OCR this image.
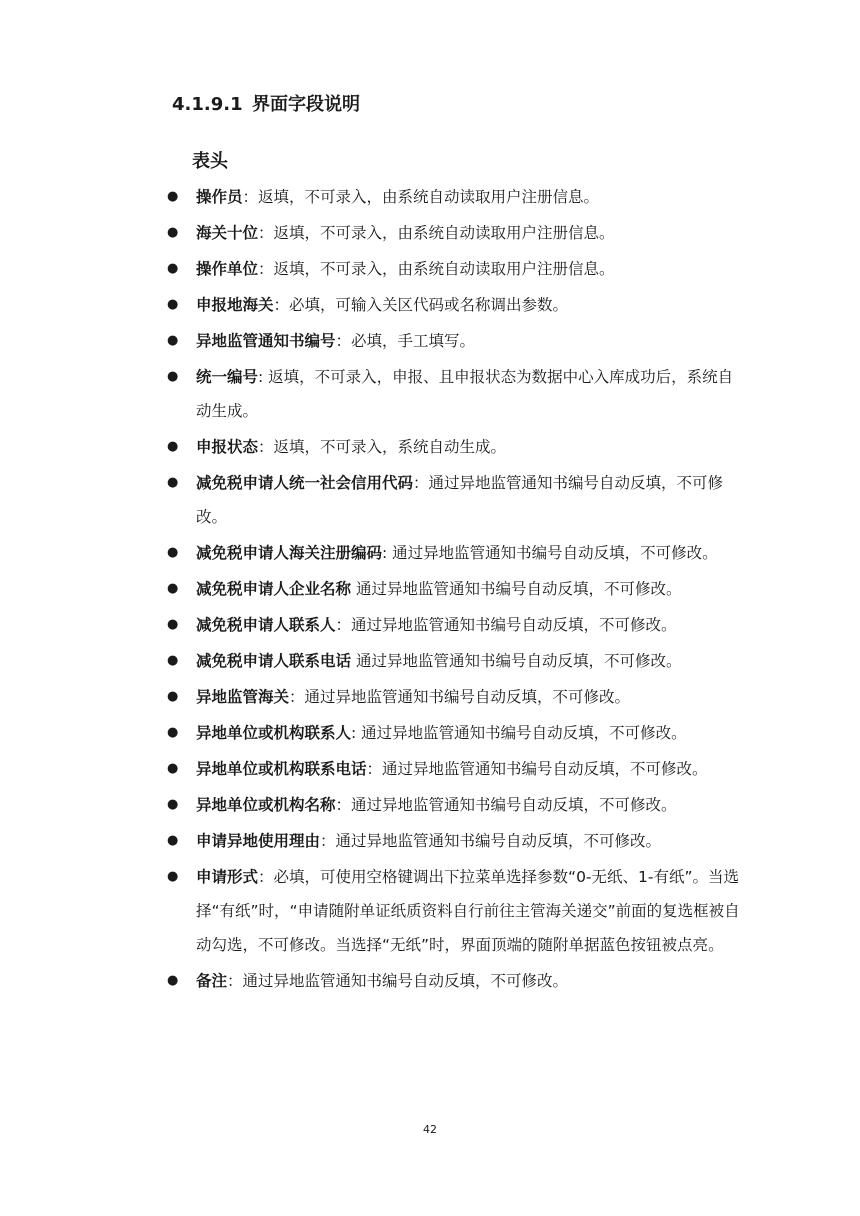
4.1.9.1 界面字段说明
表头
● 操作员：返填，不可录入，由系统自动读取用户注册信息。
● 海关十位：返填，不可录入，由系统自动读取用户注册信息。
● 操作单位：返填，不可录入，由系统自动读取用户注册信息。
● 申报地海关：必填，可输入关区代码或名称调出参数。
● 异地监管通知书编号：必填，手工填写。
● 统一编号: 返填，不可录入，申报、且申报状态为数据中心入库成功后，系统自动生成。
● 申报状态：返填，不可录入，系统自动生成。
● 减免税申请人统一社会信用代码：通过异地监管通知书编号自动反填，不可修改。
● 减免税申请人海关注册编码: 通过异地监管通知书编号自动反填，不可修改。
● 减免税申请人企业名称 通过异地监管通知书编号自动反填，不可修改。
● 减免税申请人联系人：通过异地监管通知书编号自动反填，不可修改。
● 减免税申请人联系电话 通过异地监管通知书编号自动反填，不可修改。
● 异地监管海关：通过异地监管通知书编号自动反填，不可修改。
● 异地单位或机构联系人: 通过异地监管通知书编号自动反填，不可修改。
● 异地单位或机构联系电话：通过异地监管通知书编号自动反填，不可修改。
● 异地单位或机构名称：通过异地监管通知书编号自动反填，不可修改。
● 申请异地使用理由：通过异地监管通知书编号自动反填，不可修改。
● 申请形式：必填，可使用空格键调出下拉菜单选择参数“0-无纸、1-有纸”。当选择“有纸”时，“申请随附单证纸质资料自行前往主管海关递交”前面的复选框被自动勾选，不可修改。当选择“无纸”时，界面顶端的随附单据蓝色按钮被点亮。
● 备注：通过异地监管通知书编号自动反填，不可修改。
42
